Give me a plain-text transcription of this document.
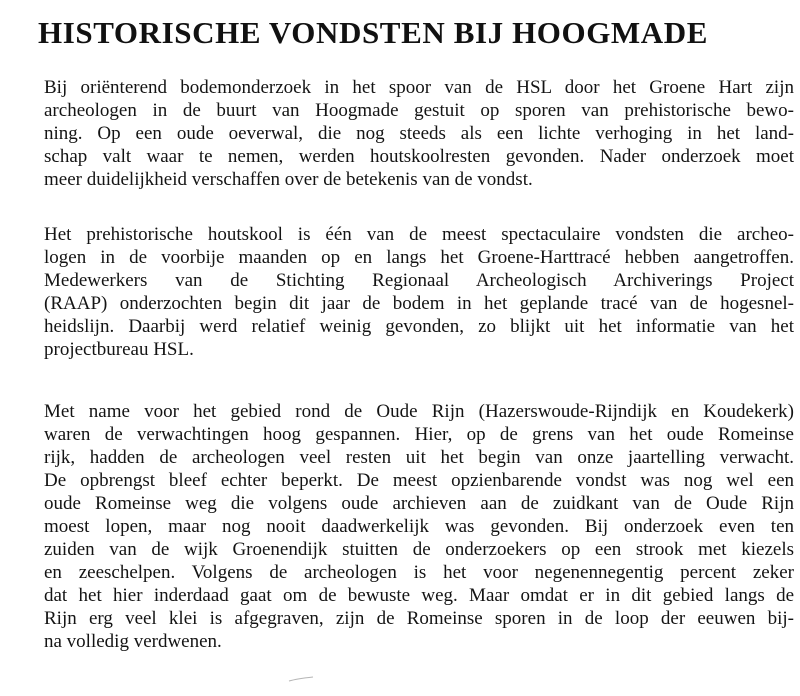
HISTORISCHE VONDSTEN BIJ HOOGMADE
Bij oriënterend bodemonderzoek in het spoor van de HSL door het Groene Hart zijn
archeologen in de buurt van Hoogmade gestuit op sporen van prehistorische bewo-
ning. Op een oude oeverwal, die nog steeds als een lichte verhoging in het land-
schap valt waar te nemen, werden houtskoolresten gevonden. Nader onderzoek moet
meer duidelijkheid verschaffen over de betekenis van de vondst.
Het prehistorische houtskool is één van de meest spectaculaire vondsten die archeo-
logen in de voorbije maanden op en langs het Groene-Harttracé hebben aangetroffen.
Medewerkers van de Stichting Regionaal Archeologisch Archiverings Project
(RAAP) onderzochten begin dit jaar de bodem in het geplande tracé van de hogesnel-
heidslijn. Daarbij werd relatief weinig gevonden, zo blijkt uit het informatie van het
projectbureau HSL.
Met name voor het gebied rond de Oude Rijn (Hazerswoude-Rijndijk en Koudekerk)
waren de verwachtingen hoog gespannen. Hier, op de grens van het oude Romeinse
rijk, hadden de archeologen veel resten uit het begin van onze jaartelling verwacht.
De opbrengst bleef echter beperkt. De meest opzienbarende vondst was nog wel een
oude Romeinse weg die volgens oude archieven aan de zuidkant van de Oude Rijn
moest lopen, maar nog nooit daadwerkelijk was gevonden. Bij onderzoek even ten
zuiden van de wijk Groenendijk stuitten de onderzoekers op een strook met kiezels
en zeeschelpen. Volgens de archeologen is het voor negenennegentig percent zeker
dat het hier inderdaad gaat om de bewuste weg. Maar omdat er in dit gebied langs de
Rijn erg veel klei is afgegraven, zijn de Romeinse sporen in de loop der eeuwen bij-
na volledig verdwenen.
